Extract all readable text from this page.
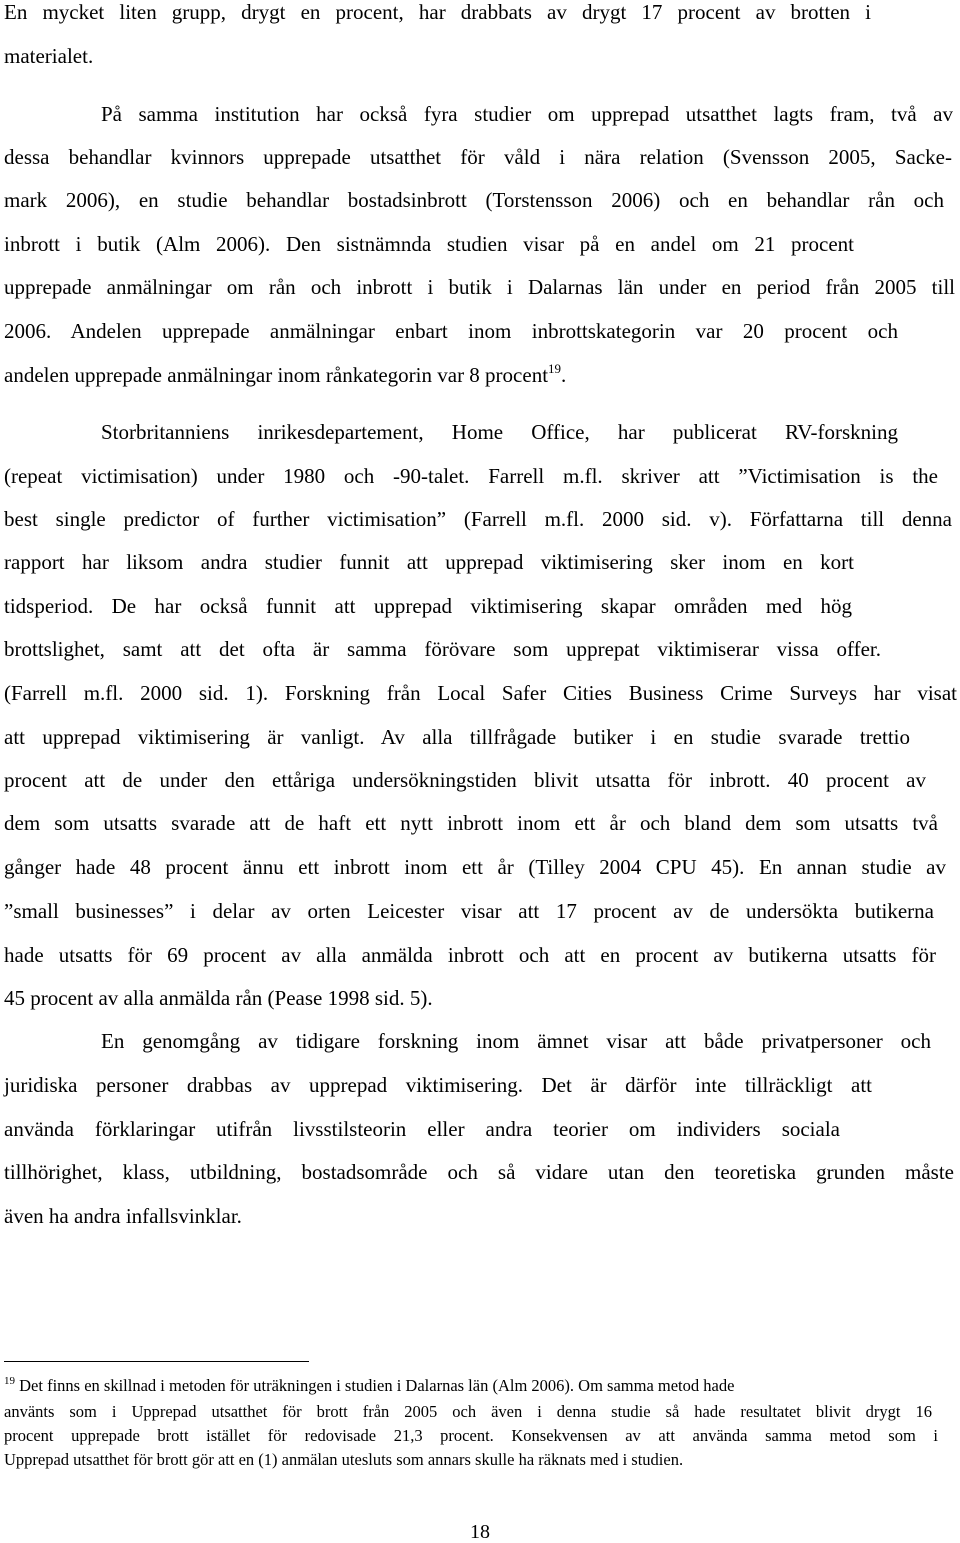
En mycket liten grupp, drygt en procent, har drabbats av drygt 17 procent av brotten i
materialet.
På samma institution har också fyra studier om upprepad utsatthet lagts fram, två av
dessa behandlar kvinnors upprepade utsatthet för våld i nära relation (Svensson 2005, Sacke-
mark 2006), en studie behandlar bostadsinbrott (Torstensson 2006) och en behandlar rån och
inbrott i butik (Alm 2006). Den sistnämnda studien visar på en andel om 21 procent
upprepade anmälningar om rån och inbrott i butik i Dalarnas län under en period från 2005 till
2006. Andelen upprepade anmälningar enbart inom inbrottskategorin var 20 procent och
andelen upprepade anmälningar inom rånkategorin var 8 procent$^{19}$.
Storbritanniens inrikesdepartement, Home Office, har publicerat RV-forskning
(repeat victimisation) under 1980 och -90-talet. Farrell m.fl. skriver att ”Victimisation is the
best single predictor of further victimisation” (Farrell m.fl. 2000 sid. v). Författarna till denna
rapport har liksom andra studier funnit att upprepad viktimisering sker inom en kort
tidsperiod. De har också funnit att upprepad viktimisering skapar områden med hög
brottslighet, samt att det ofta är samma förövare som upprepat viktimiserar vissa offer.
(Farrell m.fl. 2000 sid. 1). Forskning från Local Safer Cities Business Crime Surveys har visat
att upprepad viktimisering är vanligt. Av alla tillfrågade butiker i en studie svarade trettio
procent att de under den ettåriga undersökningstiden blivit utsatta för inbrott. 40 procent av
dem som utsatts svarade att de haft ett nytt inbrott inom ett år och bland dem som utsatts två
gånger hade 48 procent ännu ett inbrott inom ett år (Tilley 2004 CPU 45). En annan studie av
”small businesses” i delar av orten Leicester visar att 17 procent av de undersökta butikerna
hade utsatts för 69 procent av alla anmälda inbrott och att en procent av butikerna utsatts för
45 procent av alla anmälda rån (Pease 1998 sid. 5).
En genomgång av tidigare forskning inom ämnet visar att både privatpersoner och
juridiska personer drabbas av upprepad viktimisering. Det är därför inte tillräckligt att
använda förklaringar utifrån livsstilsteorin eller andra teorier om individers sociala
tillhörighet, klass, utbildning, bostadsområde och så vidare utan den teoretiska grunden måste
även ha andra infallsvinklar.
$^{19}$ Det finns en skillnad i metoden för uträkningen i studien i Dalarnas län (Alm 2006). Om samma metod hade
använts som i Upprepad utsatthet för brott från 2005 och även i denna studie så hade resultatet blivit drygt 16
procent upprepade brott istället för redovisade 21,3 procent. Konsekvensen av att använda samma metod som i
Upprepad utsatthet för brott gör att en (1) anmälan utesluts som annars skulle ha räknats med i studien.
18
